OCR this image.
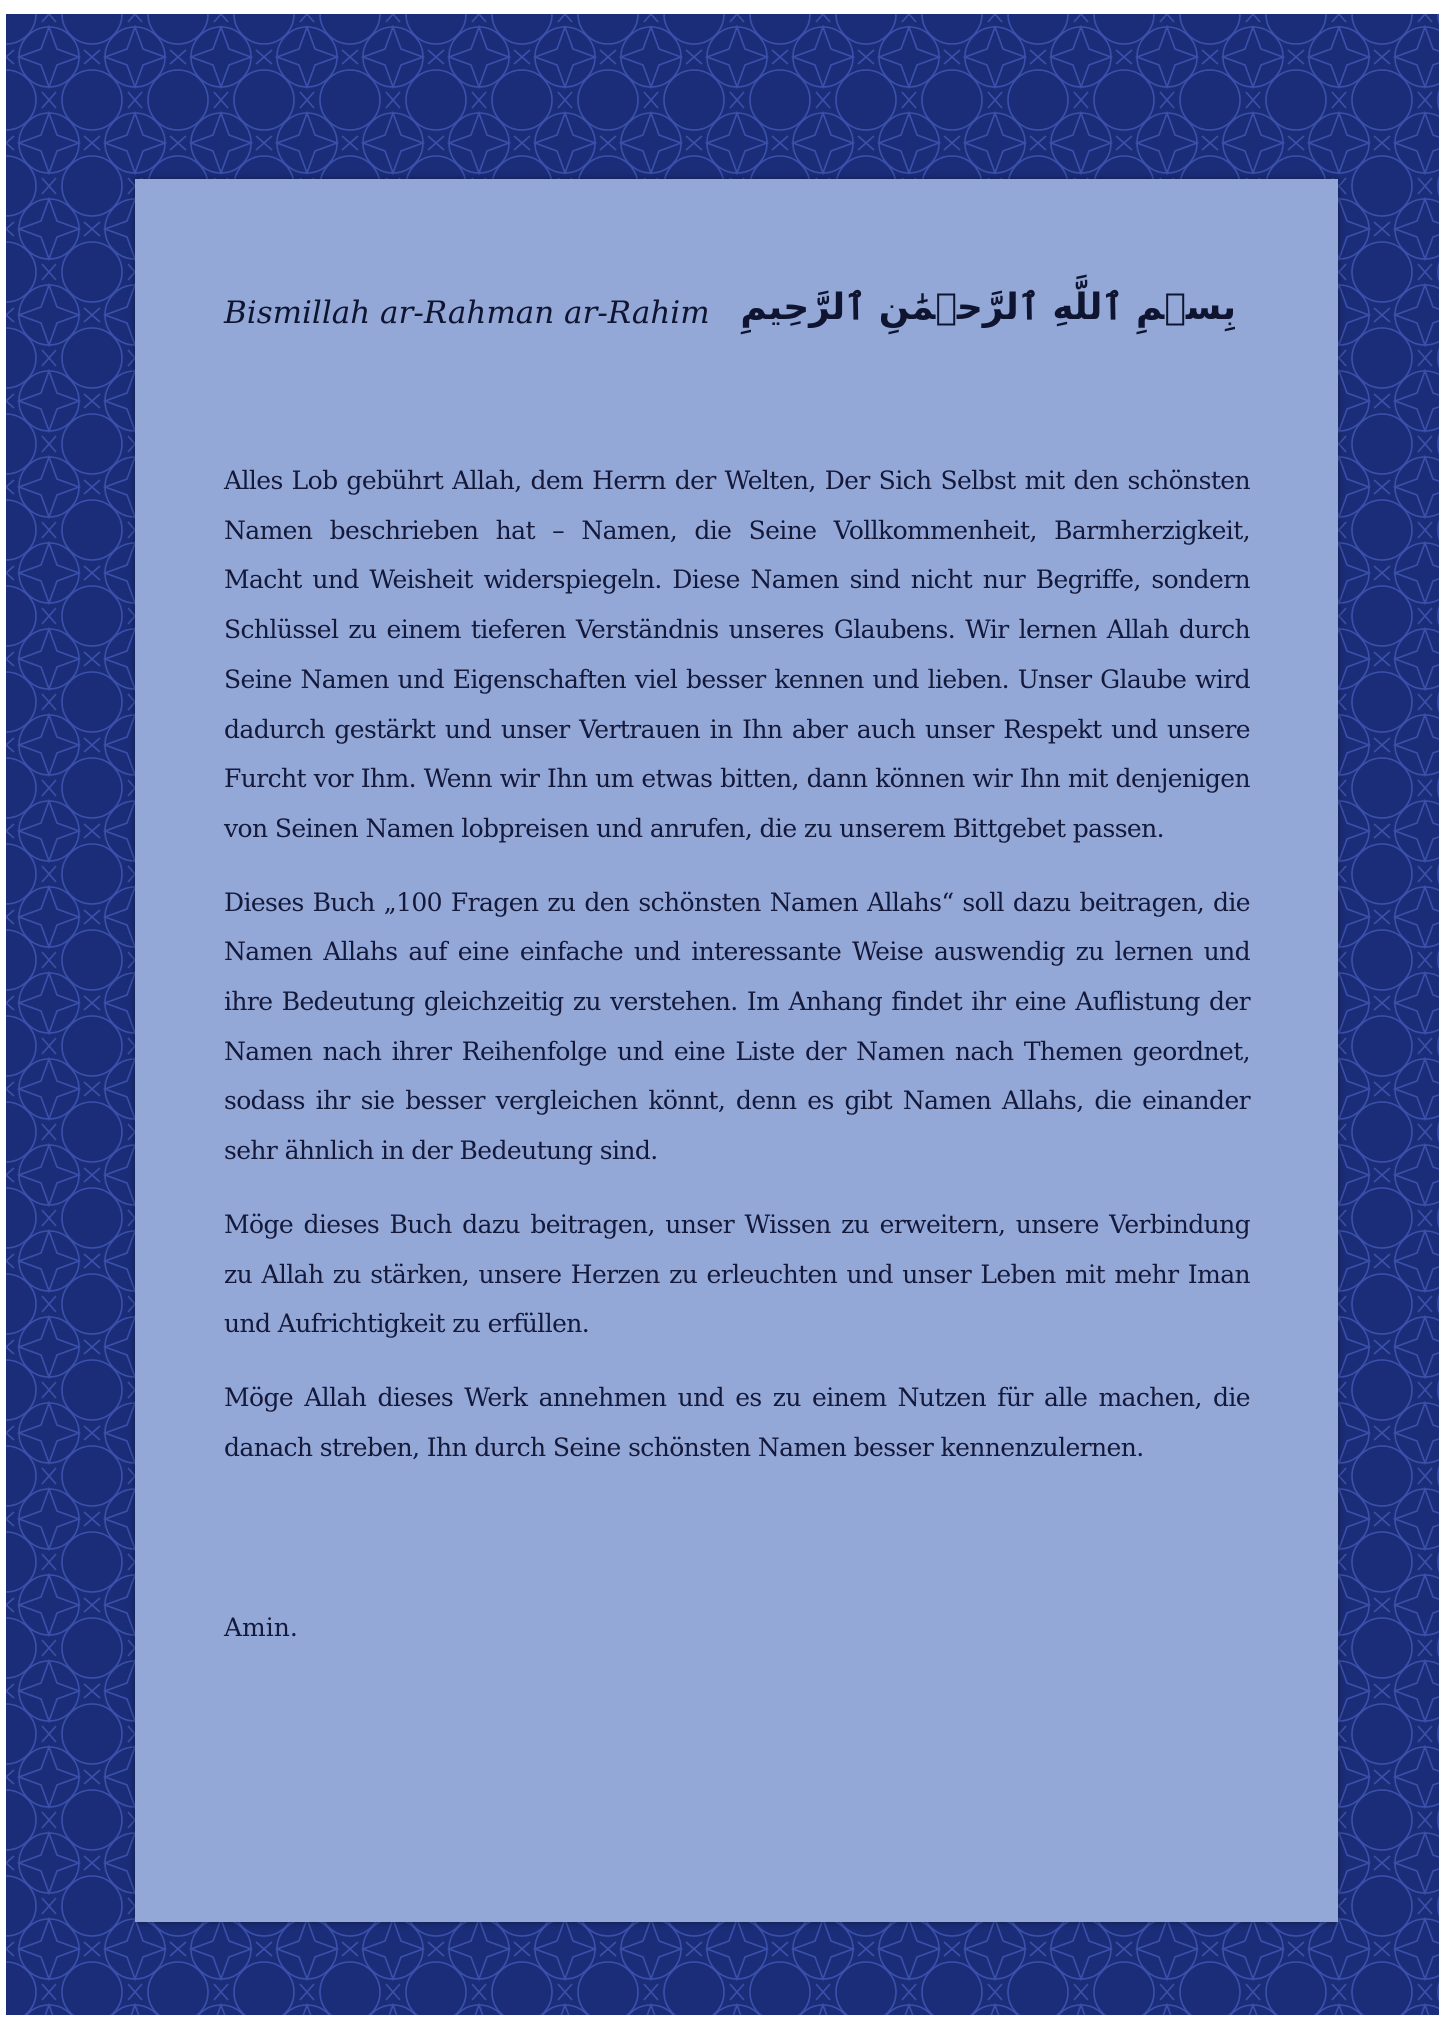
Bismillah ar-Rahman ar-Rahim بِسۡمِ ٱللَّهِ ٱلرَّحۡمَٰنِ ٱلرَّحِيمِ

Alles Lob gebührt Allah, dem Herrn der Welten, Der Sich Selbst mit den schönsten Namen beschrieben hat – Namen, die Seine Vollkommenheit, Barmherzigkeit, Macht und Weisheit widerspiegeln. Diese Namen sind nicht nur Begriffe, sondern Schlüssel zu einem tieferen Verständnis unseres Glaubens. Wir lernen Allah durch Seine Namen und Eigenschaften viel besser kennen und lieben. Unser Glaube wird dadurch gestärkt und unser Vertrauen in Ihn aber auch unser Respekt und unsere Furcht vor Ihm. Wenn wir Ihn um etwas bitten, dann können wir Ihn mit denjenigen von Seinen Namen lobpreisen und anrufen, die zu unserem Bittgebet passen.

Dieses Buch „100 Fragen zu den schönsten Namen Allahs“ soll dazu beitragen, die Namen Allahs auf eine einfache und interessante Weise auswendig zu lernen und ihre Bedeutung gleichzeitig zu verstehen. Im Anhang findet ihr eine Auflistung der Namen nach ihrer Reihenfolge und eine Liste der Namen nach Themen geordnet, sodass ihr sie besser vergleichen könnt, denn es gibt Namen Allahs, die einander sehr ähnlich in der Bedeutung sind.

Möge dieses Buch dazu beitragen, unser Wissen zu erweitern, unsere Verbindung zu Allah zu stärken, unsere Herzen zu erleuchten und unser Leben mit mehr Iman und Aufrichtigkeit zu erfüllen.

Möge Allah dieses Werk annehmen und es zu einem Nutzen für alle machen, die danach streben, Ihn durch Seine schönsten Namen besser kennenzulernen.

Amin.
